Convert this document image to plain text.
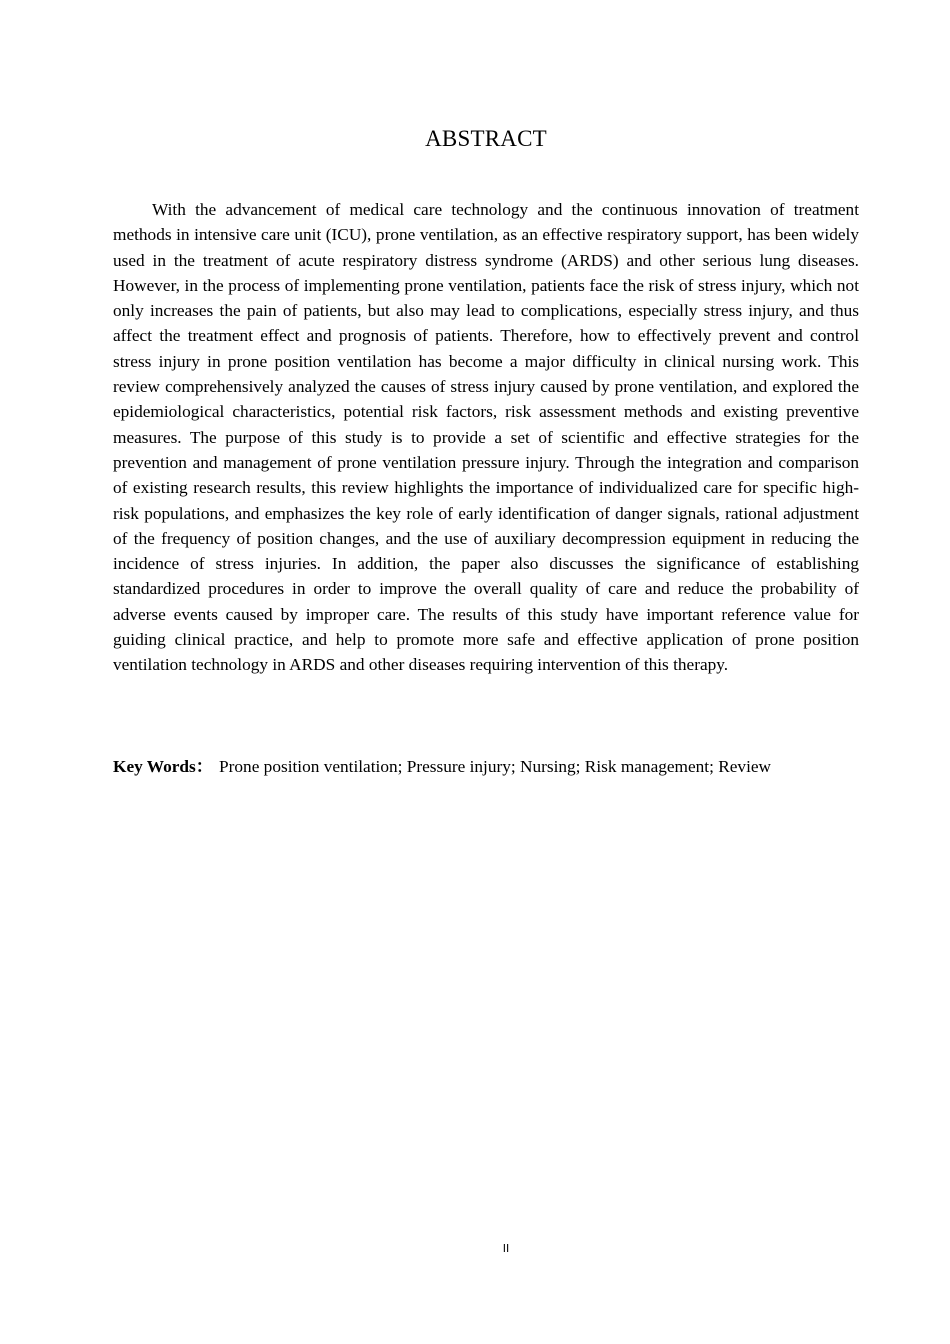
ABSTRACT

With the advancement of medical care technology and the continuous innovation of treatment methods in intensive care unit (ICU), prone ventilation, as an effective respiratory support, has been widely used in the treatment of acute respiratory distress syndrome (ARDS) and other serious lung diseases. However, in the process of implementing prone ventilation, patients face the risk of stress injury, which not only increases the pain of patients, but also may lead to complications, especially stress injury, and thus affect the treatment effect and prognosis of patients. Therefore, how to effectively prevent and control stress injury in prone position ventilation has become a major difficulty in clinical nursing work. This review comprehensively analyzed the causes of stress injury caused by prone ventilation, and explored the epidemiological characteristics, potential risk factors, risk assessment methods and existing preventive measures. The purpose of this study is to provide a set of scientific and effective strategies for the prevention and management of prone ventilation pressure injury. Through the integration and comparison of existing research results, this review highlights the importance of individualized care for specific high-risk populations, and emphasizes the key role of early identification of danger signals, rational adjustment of the frequency of position changes, and the use of auxiliary decompression equipment in reducing the incidence of stress injuries. In addition, the paper also discusses the significance of establishing standardized procedures in order to improve the overall quality of care and reduce the probability of adverse events caused by improper care. The results of this study have important reference value for guiding clinical practice, and help to promote more safe and effective application of prone position ventilation technology in ARDS and other diseases requiring intervention of this therapy.

Key Words： Prone position ventilation; Pressure injury; Nursing; Risk management; Review

II
